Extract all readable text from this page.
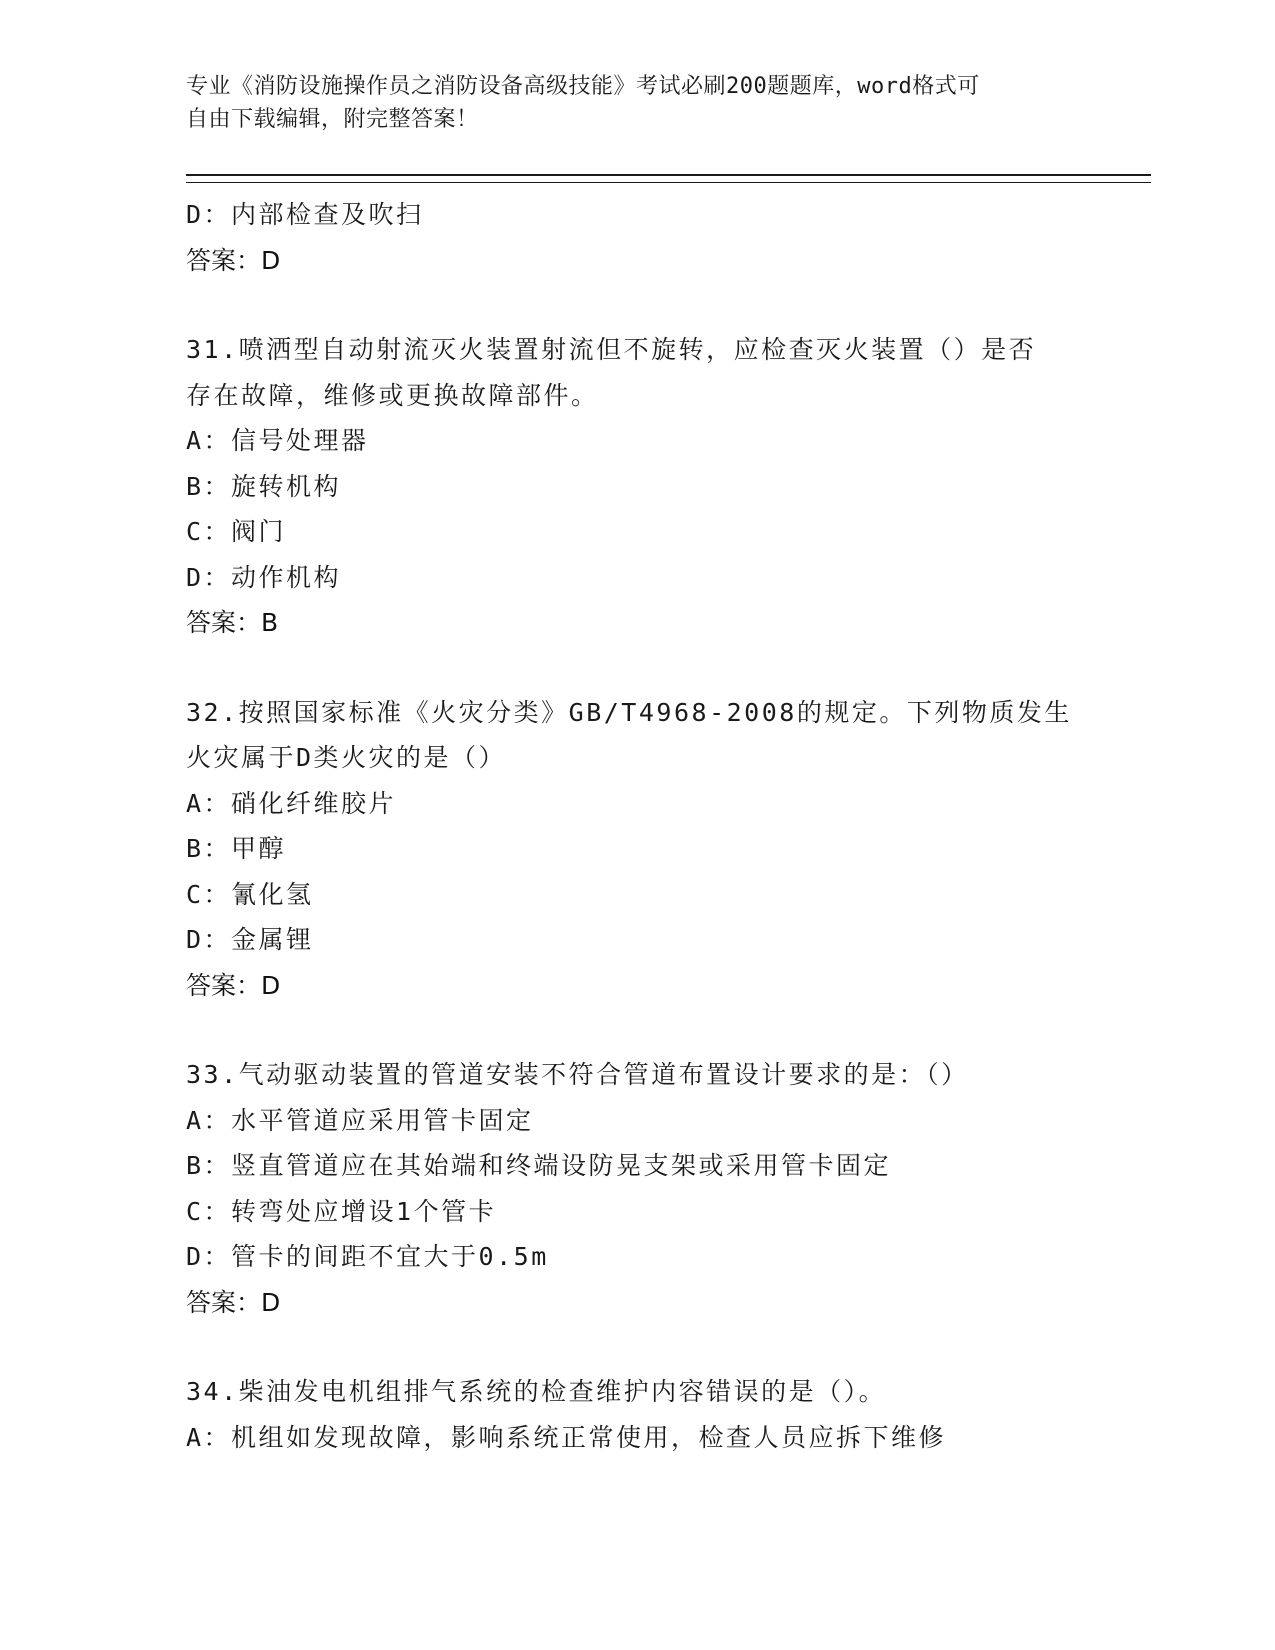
专业《消防设施操作员之消防设备高级技能》考试必刷200题题库，word格式可
自由下载编辑，附完整答案！

D：内部检查及吹扫
答案：D
31.喷洒型自动射流灭火装置射流但不旋转，应检查灭火装置（）是否
存在故障，维修或更换故障部件。
A：信号处理器
B：旋转机构
C：阀门
D：动作机构
答案：B
32.按照国家标准《火灾分类》GB/T4968-2008的规定。下列物质发生
火灾属于D类火灾的是（）
A：硝化纤维胶片
B：甲醇
C：氰化氢
D：金属锂
答案：D
33.气动驱动装置的管道安装不符合管道布置设计要求的是：（）
A：水平管道应采用管卡固定
B：竖直管道应在其始端和终端设防晃支架或采用管卡固定
C：转弯处应增设1个管卡
D：管卡的间距不宜大于0.5m
答案：D
34.柴油发电机组排气系统的检查维护内容错误的是（）。
A：机组如发现故障，影响系统正常使用，检查人员应拆下维修
